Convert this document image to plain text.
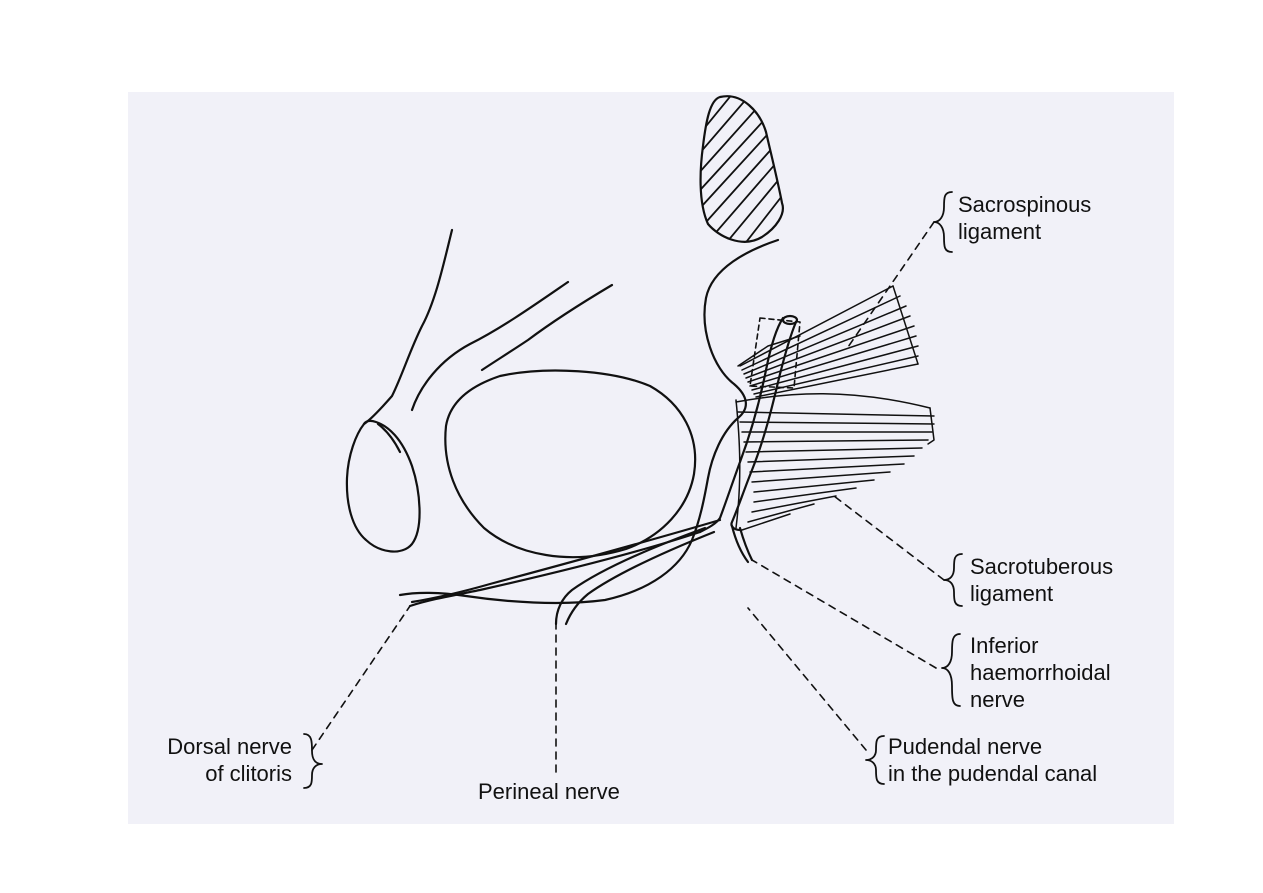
Sacrospinous
ligament
Sacrotuberous
ligament
Inferior
haemorrhoidal
nerve
Pudendal nerve
in the pudendal canal
Dorsal nerve
of clitoris
Perineal nerve
